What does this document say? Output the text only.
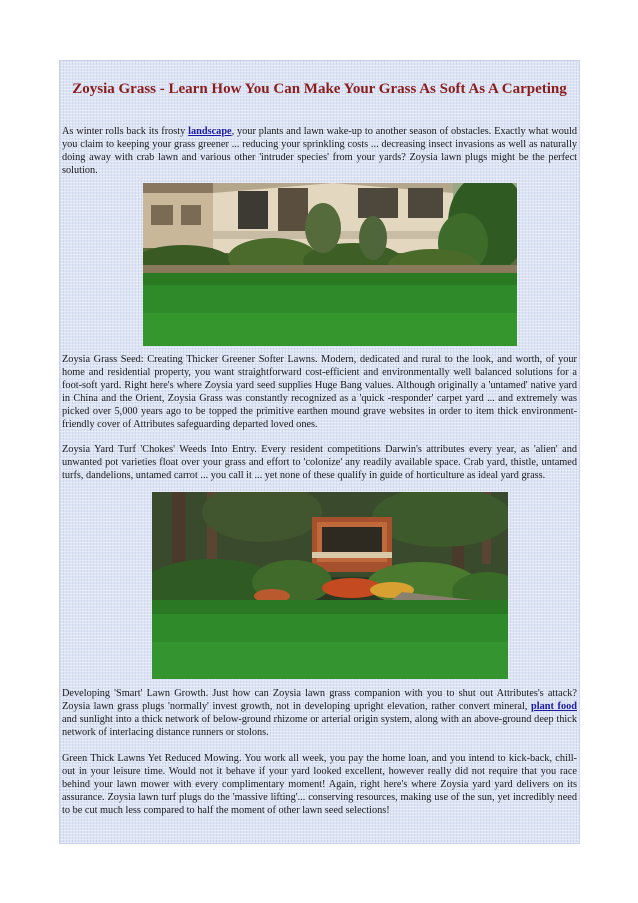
Zoysia Grass - Learn How You Can Make Your Grass As Soft As A Carpeting

As winter rolls back its frosty landscape, your plants and lawn wake-up to another season of obstacles. Exactly what would you claim to keeping your grass greener ... reducing your sprinkling costs ... decreasing insect invasions as well as naturally doing away with crab lawn and various other 'intruder species' from your yards? Zoysia lawn plugs might be the perfect solution.

Zoysia Grass Seed: Creating Thicker Greener Softer Lawns. Modern, dedicated and rural to the look, and worth, of your home and residential property, you want straightforward cost-efficient and environmentally well balanced solutions for a foot-soft yard. Right here's where Zoysia yard seed supplies Huge Bang values. Although originally a 'untamed' native yard in China and the Orient, Zoysia Grass was constantly recognized as a 'quick -responder' carpet yard ... and extremely was picked over 5,000 years ago to be topped the primitive earthen mound grave websites in order to item thick environment-friendly cover of Attributes safeguarding departed loved ones.

Zoysia Yard Turf 'Chokes' Weeds Into Entry. Every resident competitions Darwin's attributes every year, as 'alien' and unwanted pot varieties float over your grass and effort to 'colonize' any readily available space. Crab yard, thistle, untamed turfs, dandelions, untamed carrot ... you call it ... yet none of these qualify in guide of horticulture as ideal yard grass.

Developing 'Smart' Lawn Growth. Just how can Zoysia lawn grass companion with you to shut out Attributes's attack? Zoysia lawn grass plugs 'normally' invest growth, not in developing upright elevation, rather convert mineral, plant food and sunlight into a thick network of below-ground rhizome or arterial origin system, along with an above-ground deep thick network of interlacing distance runners or stolons.

Green Thick Lawns Yet Reduced Mowing. You work all week, you pay the home loan, and you intend to kick-back, chill-out in your leisure time. Would not it behave if your yard looked excellent, however really did not require that you race behind your lawn mower with every complimentary moment! Again, right here's where Zoysia yard yard delivers on its assurance. Zoysia lawn turf plugs do the 'massive lifting'... conserving resources, making use of the sun, yet incredibly need to be cut much less compared to half the moment of other lawn seed selections!
